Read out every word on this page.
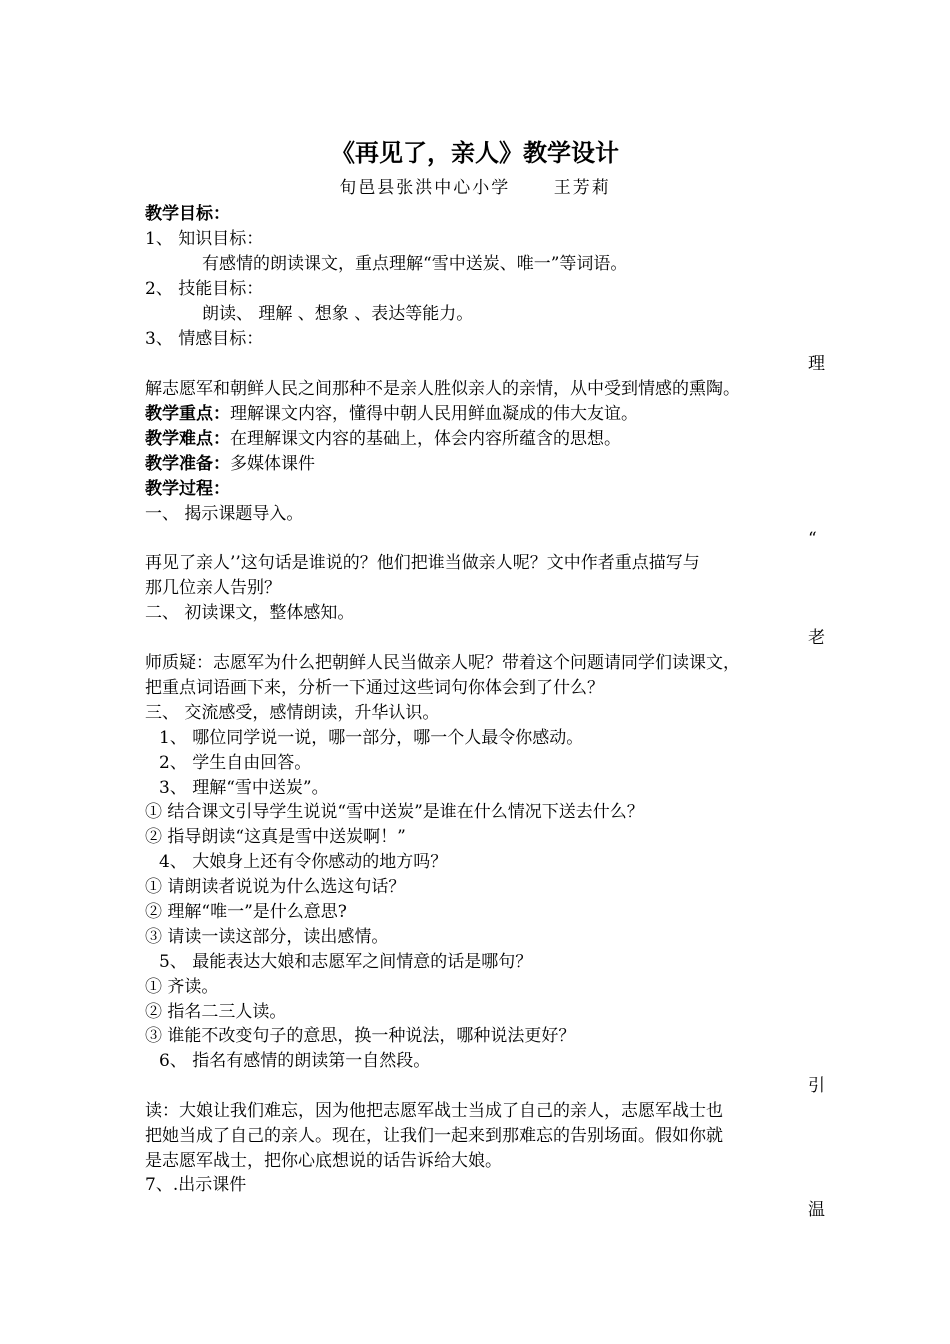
《再见了，亲人》教学设计
旬邑县张洪中心小学	王芳莉
教学目标：
1、 知识目标：
有感情的朗读课文，重点理解“雪中送炭、唯一”等词语。
2、 技能目标：
朗读、 理解 、想象 、表达等能力。
3、 情感目标：
理
解志愿军和朝鲜人民之间那种不是亲人胜似亲人的亲情，从中受到情感的熏陶。
教学重点：理解课文内容，懂得中朝人民用鲜血凝成的伟大友谊。
教学难点：在理解课文内容的基础上，体会内容所蕴含的思想。
教学准备：多媒体课件
教学过程：
一、 揭示课题导入。
“
再见了亲人’’这句话是谁说的？他们把谁当做亲人呢？文中作者重点描写与
那几位亲人告别？
二、 初读课文，整体感知。
老
师质疑：志愿军为什么把朝鲜人民当做亲人呢？带着这个问题请同学们读课文，
把重点词语画下来，分析一下通过这些词句你体会到了什么？
三、 交流感受，感情朗读，升华认识。
1、 哪位同学说一说，哪一部分，哪一个人最令你感动。
2、 学生自由回答。
3、 理解“雪中送炭”。
① 结合课文引导学生说说“雪中送炭”是谁在什么情况下送去什么？
② 指导朗读“这真是雪中送炭啊！”
4、 大娘身上还有令你感动的地方吗？
① 请朗读者说说为什么选这句话？
② 理解“唯一”是什么意思?
③ 请读一读这部分，读出感情。
5、 最能表达大娘和志愿军之间情意的话是哪句？
① 齐读。
② 指名二三人读。
③ 谁能不改变句子的意思，换一种说法，哪种说法更好？
6、 指名有感情的朗读第一自然段。
引
读：大娘让我们难忘，因为他把志愿军战士当成了自己的亲人，志愿军战士也
把她当成了自己的亲人。现在，让我们一起来到那难忘的告别场面。假如你就
是志愿军战士，把你心底想说的话告诉给大娘。
7、.出示课件
温
